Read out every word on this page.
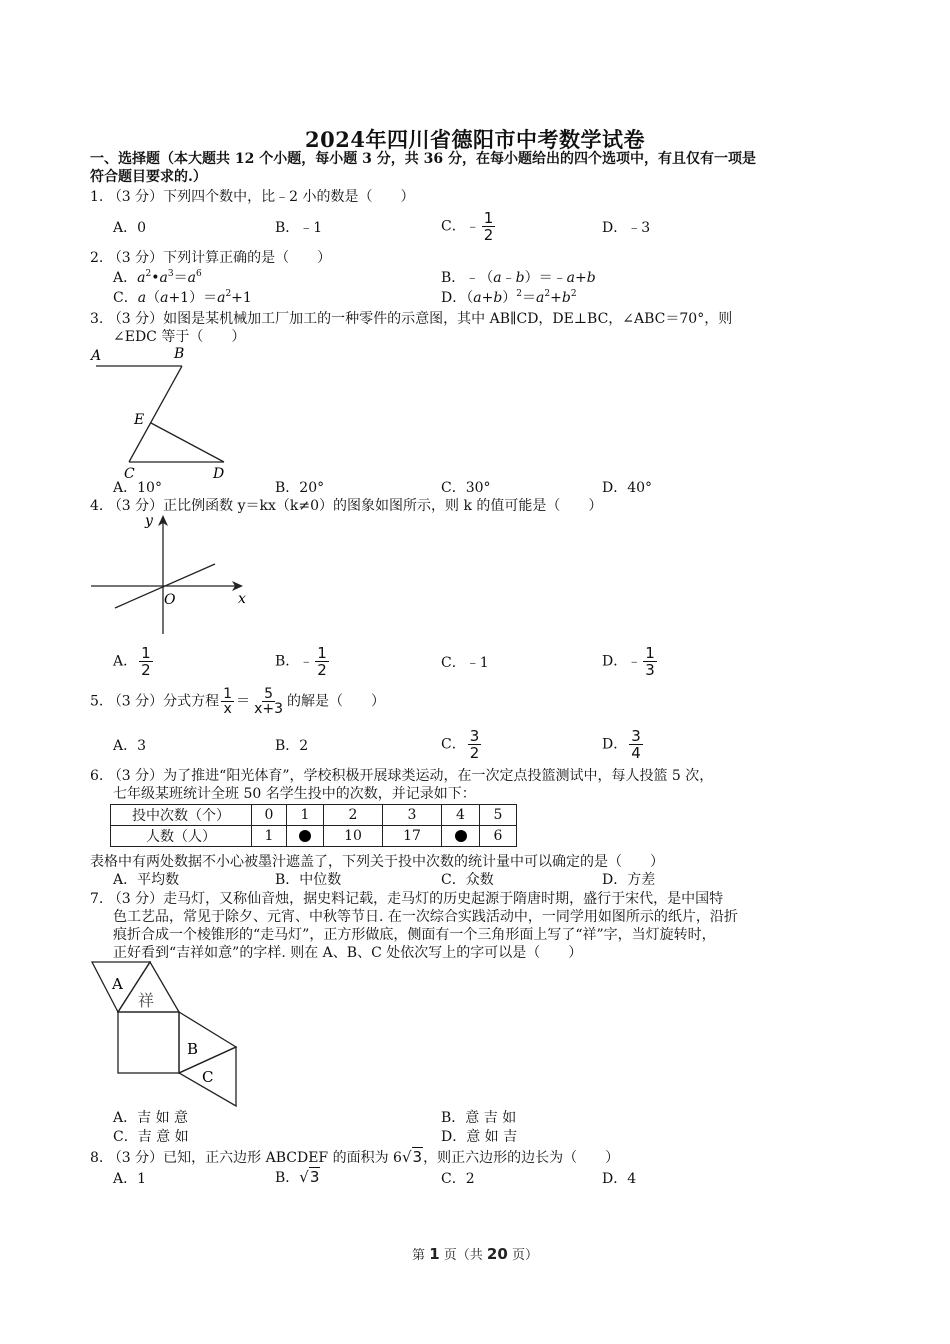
2024年四川省德阳市中考数学试卷
一、选择题（本大题共 12 个小题，每小题 3 分，共 36 分，在每小题给出的四个选项中，有且仅有一项是
符合题目要求的.）
1. （3 分）下列四个数中，比﹣2 小的数是（　　）
A．0	B．﹣1	C．﹣ $\frac{1}{2}$	D．﹣3
2. （3 分）下列计算正确的是（　　）
A．$a^2•a^3=a^6$	B．﹣（a﹣b）＝﹣a+b
C．$a(a+1)=a^2+1$	D．$(a+b)^2=a^2+b^2$
3. （3 分）如图是某机械加工厂加工的一种零件的示意图，其中 AB∥CD，DE⊥BC，∠ABC＝70°，则
∠EDC 等于（　　）
A	B
E
C	D
A．10°	B．20°	C．30°	D．40°
4. （3 分）正比例函数 y＝kx（k≠0）的图象如图所示，则 k 的值可能是（　　）
y
x
O
A． $\frac{1}{2}$	B．﹣ $\frac{1}{2}$	C．﹣1	D．﹣ $\frac{1}{3}$
5. （3 分）分式方程 $\frac{1}{x} = \frac{5}{x+3}$ 的解是（　　）
A．3	B．2	C． $\frac{3}{2}$	D． $\frac{3}{4}$
6. （3 分）为了推进“阳光体育”，学校积极开展球类运动，在一次定点投篮测试中，每人投篮 5 次，
七年级某班统计全班 50 名学生投中的次数，并记录如下：
投中次数（个）	0	1	2	3	4	5
人数（人）	1		10	17		6
表格中有两处数据不小心被墨汁遮盖了，下列关于投中次数的统计量中可以确定的是（　　）
A．平均数	B．中位数	C．众数	D．方差
7. （3 分）走马灯，又称仙音烛，据史料记载，走马灯的历史起源于隋唐时期，盛行于宋代，是中国特
色工艺品，常见于除夕、元宵、中秋等节日. 在一次综合实践活动中，一同学用如图所示的纸片，沿折
痕折合成一个棱锥形的“走马灯”，正方形做底，侧面有一个三角形面上写了“祥”字，当灯旋转时，
正好看到“吉祥如意”的字样. 则在 A、B、C 处依次写上的字可以是（　　）
A
祥
B
C
A．吉 如 意	B．意 吉 如
C．吉 意 如	D．意 如 吉
8. （3 分）已知，正六边形 ABCDEF 的面积为 6√3，则正六边形的边长为（　　）
A．1	B．√3	C．2	D．4
第 1 页（共 20 页）
